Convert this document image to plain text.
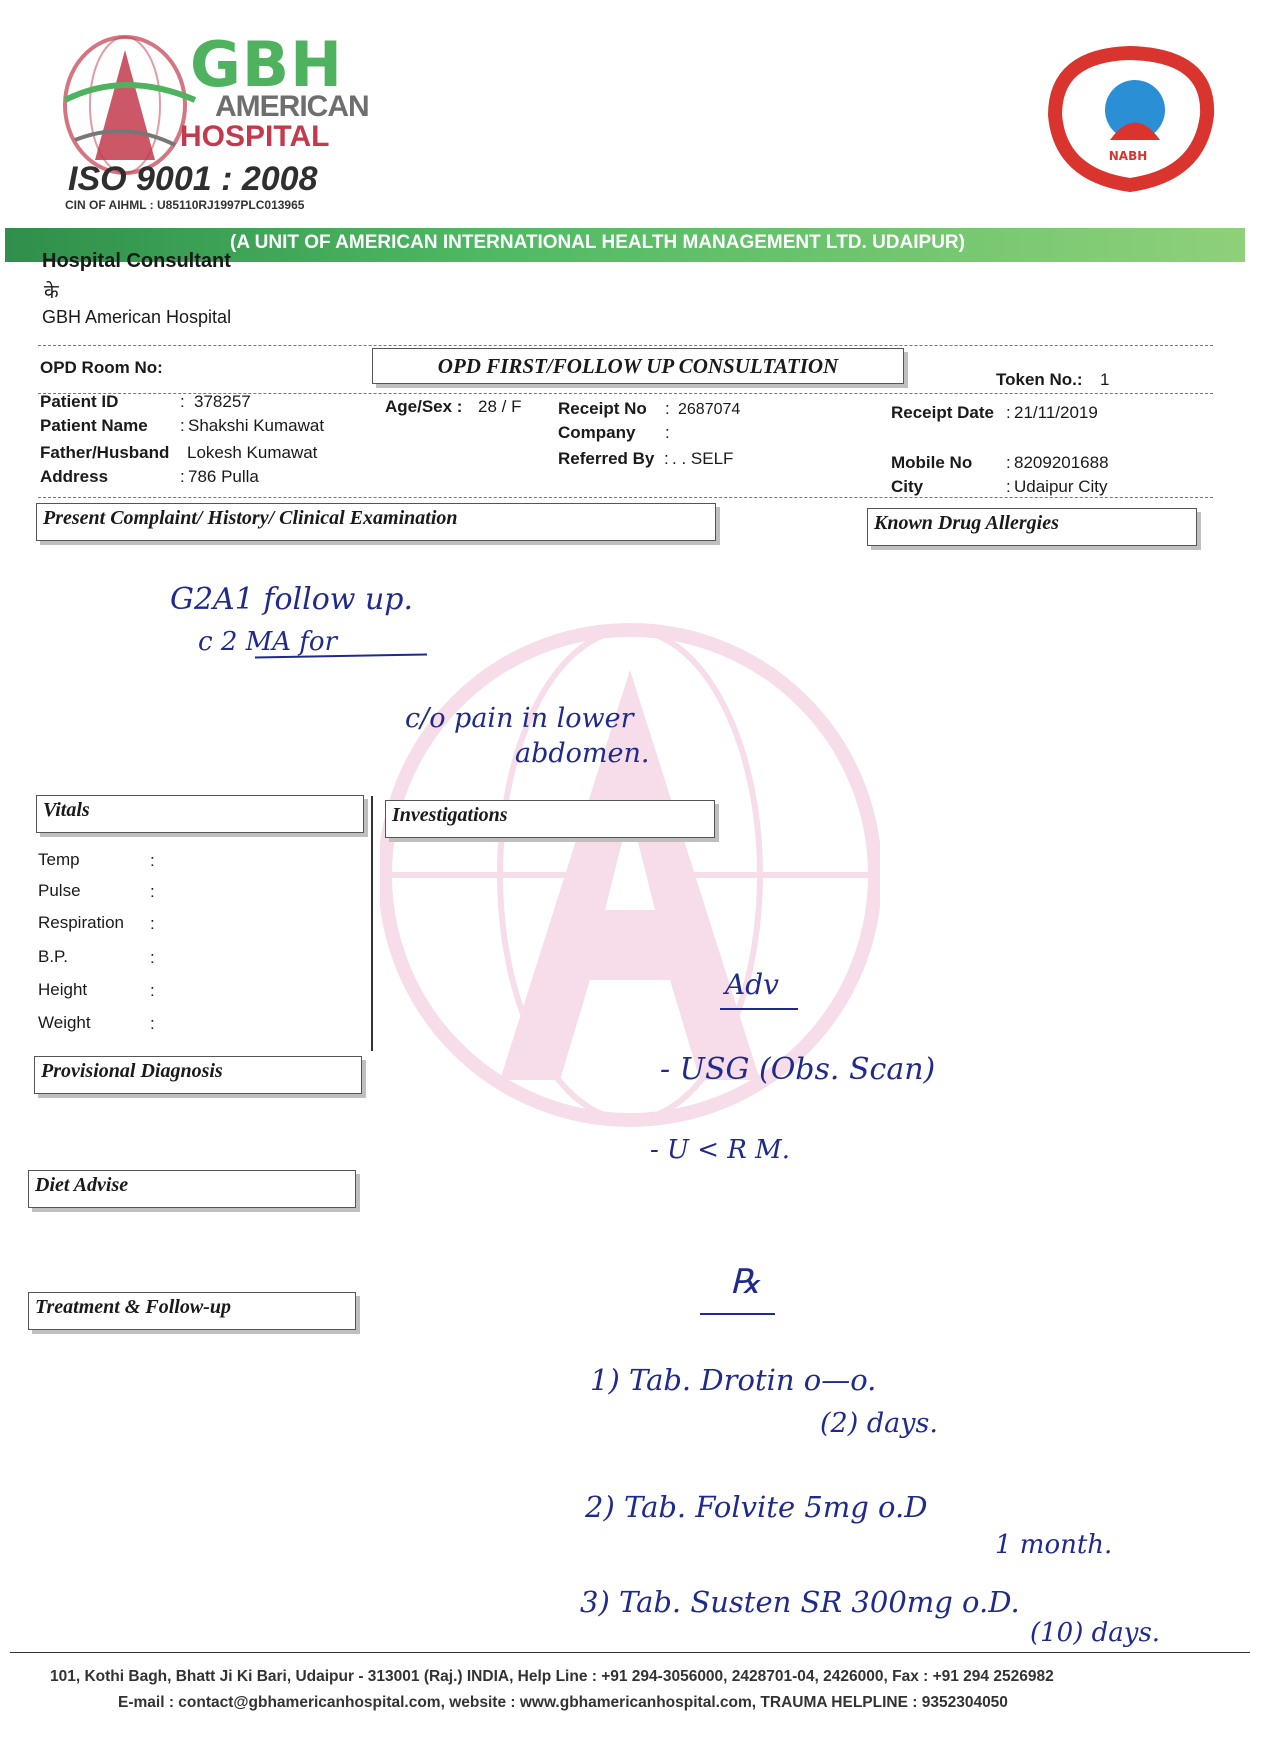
GBH
AMERICAN
HOSPITAL
ISO 9001 : 2008
CIN OF AIHML : U85110RJ1997PLC013965
NABH
(A UNIT OF AMERICAN INTERNATIONAL HEALTH MANAGEMENT LTD. UDAIPUR)
Hospital Consultant
के
GBH American Hospital
OPD Room No:	OPD FIRST/FOLLOW UP CONSULTATION
Token No.: 1
Patient ID	: 378257
Patient Name : Shakshi Kumawat
Father/Husband Lokesh Kumawat
Address	: 786 Pulla
Age/Sex : 28 / F Receipt No : 2687074
Company :
Referred By : . . SELF
Receipt Date : 21/11/2019
Mobile No : 8209201688
City	: Udaipur City
Present Complaint/ History/ Clinical Examination	Known Drug Allergies
G2A1 follow up.
c 2 MA for
c/o pain in lower
abdomen.
Vitals	Investigations
Temp	:
Pulse	:
Respiration :
B.P.	:
Height	:
Weight	:
Adv
- USG (Obs. Scan)
- U < R M.
Provisional Diagnosis
Diet Advise
Treatment & Follow-up
℞
1) Tab. Drotin o—o.
(2) days.
2) Tab. Folvite 5mg o.D
1 month.
3) Tab. Susten SR 300mg o.D.
(10) days.
101, Kothi Bagh, Bhatt Ji Ki Bari, Udaipur - 313001 (Raj.) INDIA, Help Line : +91 294-3056000, 2428701-04, 2426000, Fax : +91 294 2526982
E-mail : contact@gbhamericanhospital.com, website : www.gbhamericanhospital.com, TRAUMA HELPLINE : 9352304050
